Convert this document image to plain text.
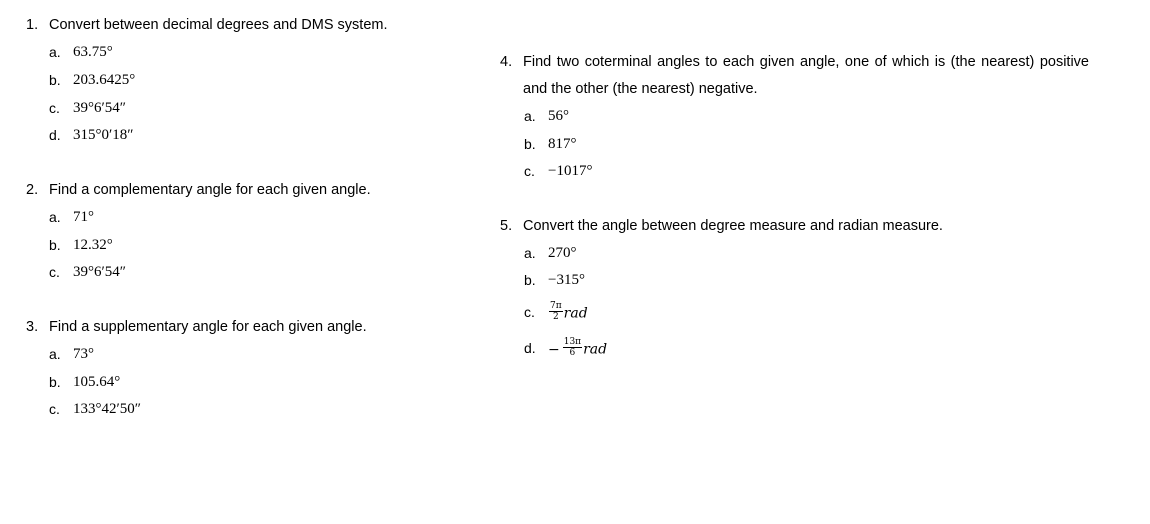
1. Convert between decimal degrees and DMS system.
a. 63.75°
b. 203.6425°
c. 39°6′54″
d. 315°0′18″
2. Find a complementary angle for each given angle.
a. 71°
b. 12.32°
c. 39°6′54″
3. Find a supplementary angle for each given angle.
a. 73°
b. 105.64°
c. 133°42′50″
4. Find two coterminal angles to each given angle, one of which is (the nearest) positive and the other (the nearest) negative.
a. 56°
b. 817°
c. −1017°
5. Convert the angle between degree measure and radian measure.
a. 270°
b. −315°
c. $\frac{7\pi}{2}$ rad
d. − $\frac{13\pi}{6}$ rad
